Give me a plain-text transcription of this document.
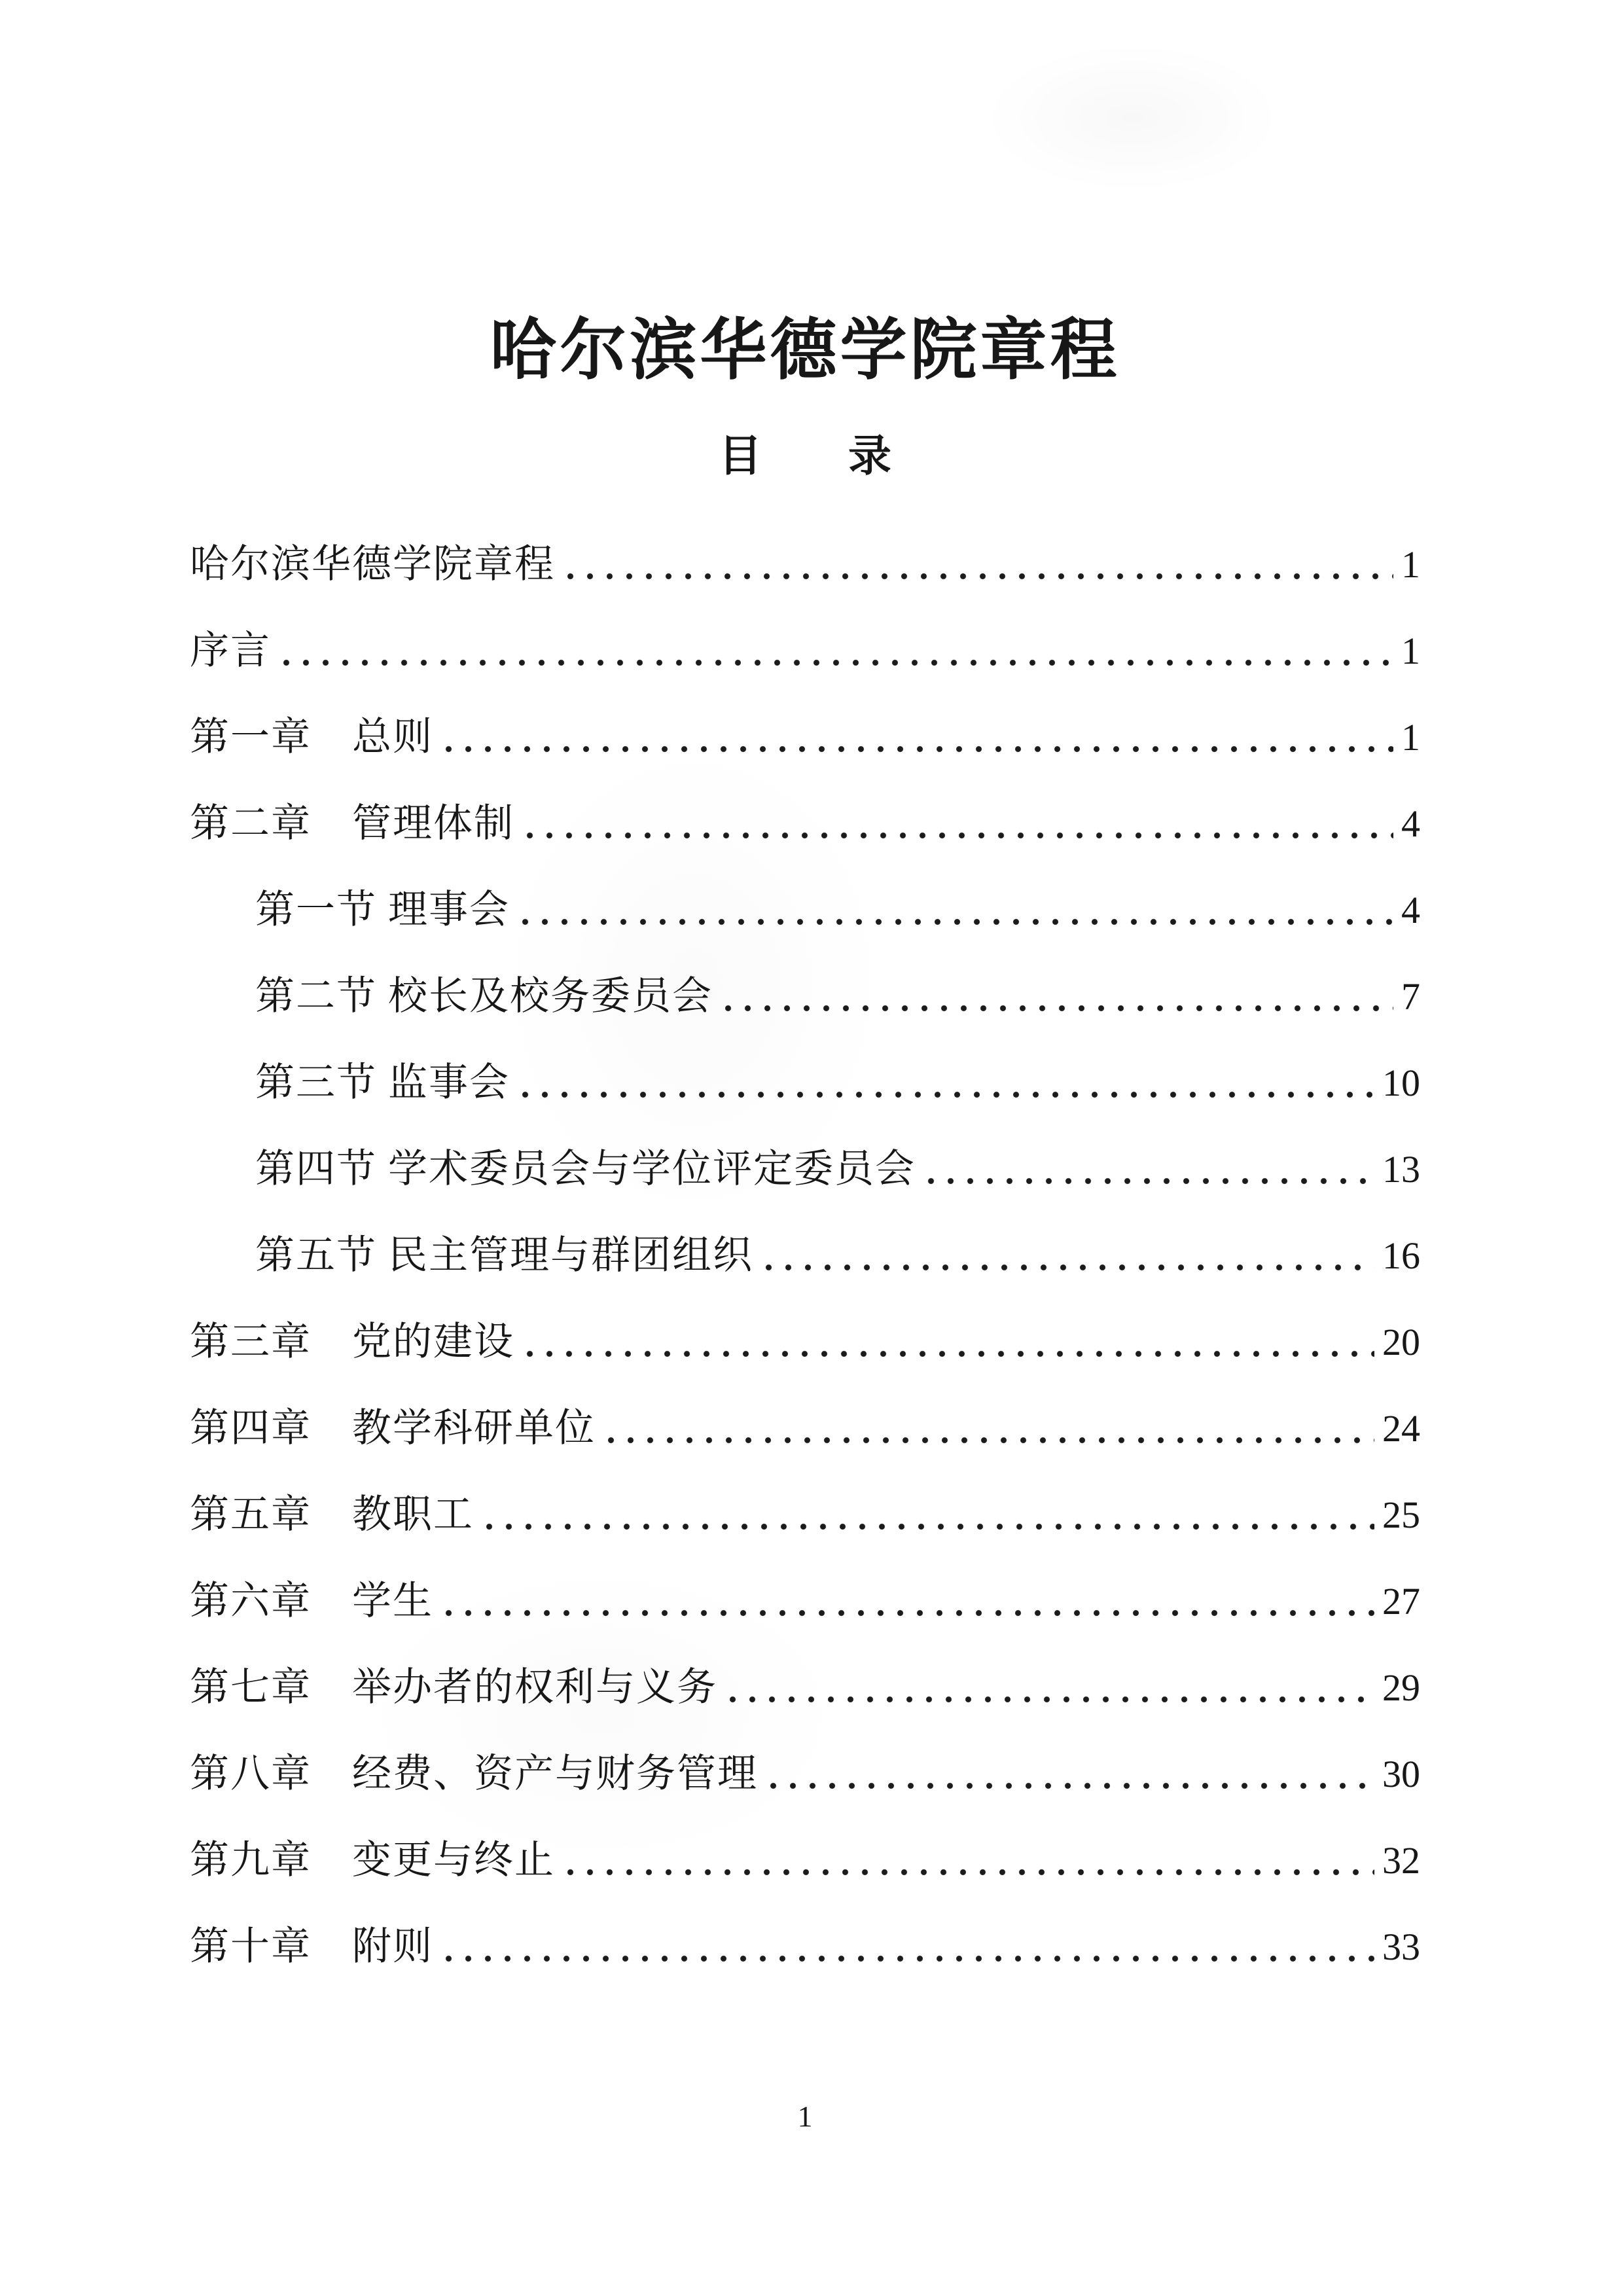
哈尔滨华德学院章程
目　　录
哈尔滨华德学院章程	1
序言	1
第一章　总则	1
第二章　管理体制	4
第一节 理事会	4
第二节 校长及校务委员会	7
第三节 监事会	10
第四节 学术委员会与学位评定委员会	13
第五节 民主管理与群团组织	16
第三章　党的建设	20
第四章　教学科研单位	24
第五章　教职工	25
第六章　学生	27
第七章　举办者的权利与义务	29
第八章　经费、资产与财务管理	30
第九章　变更与终止	32
第十章　附则	33
1
